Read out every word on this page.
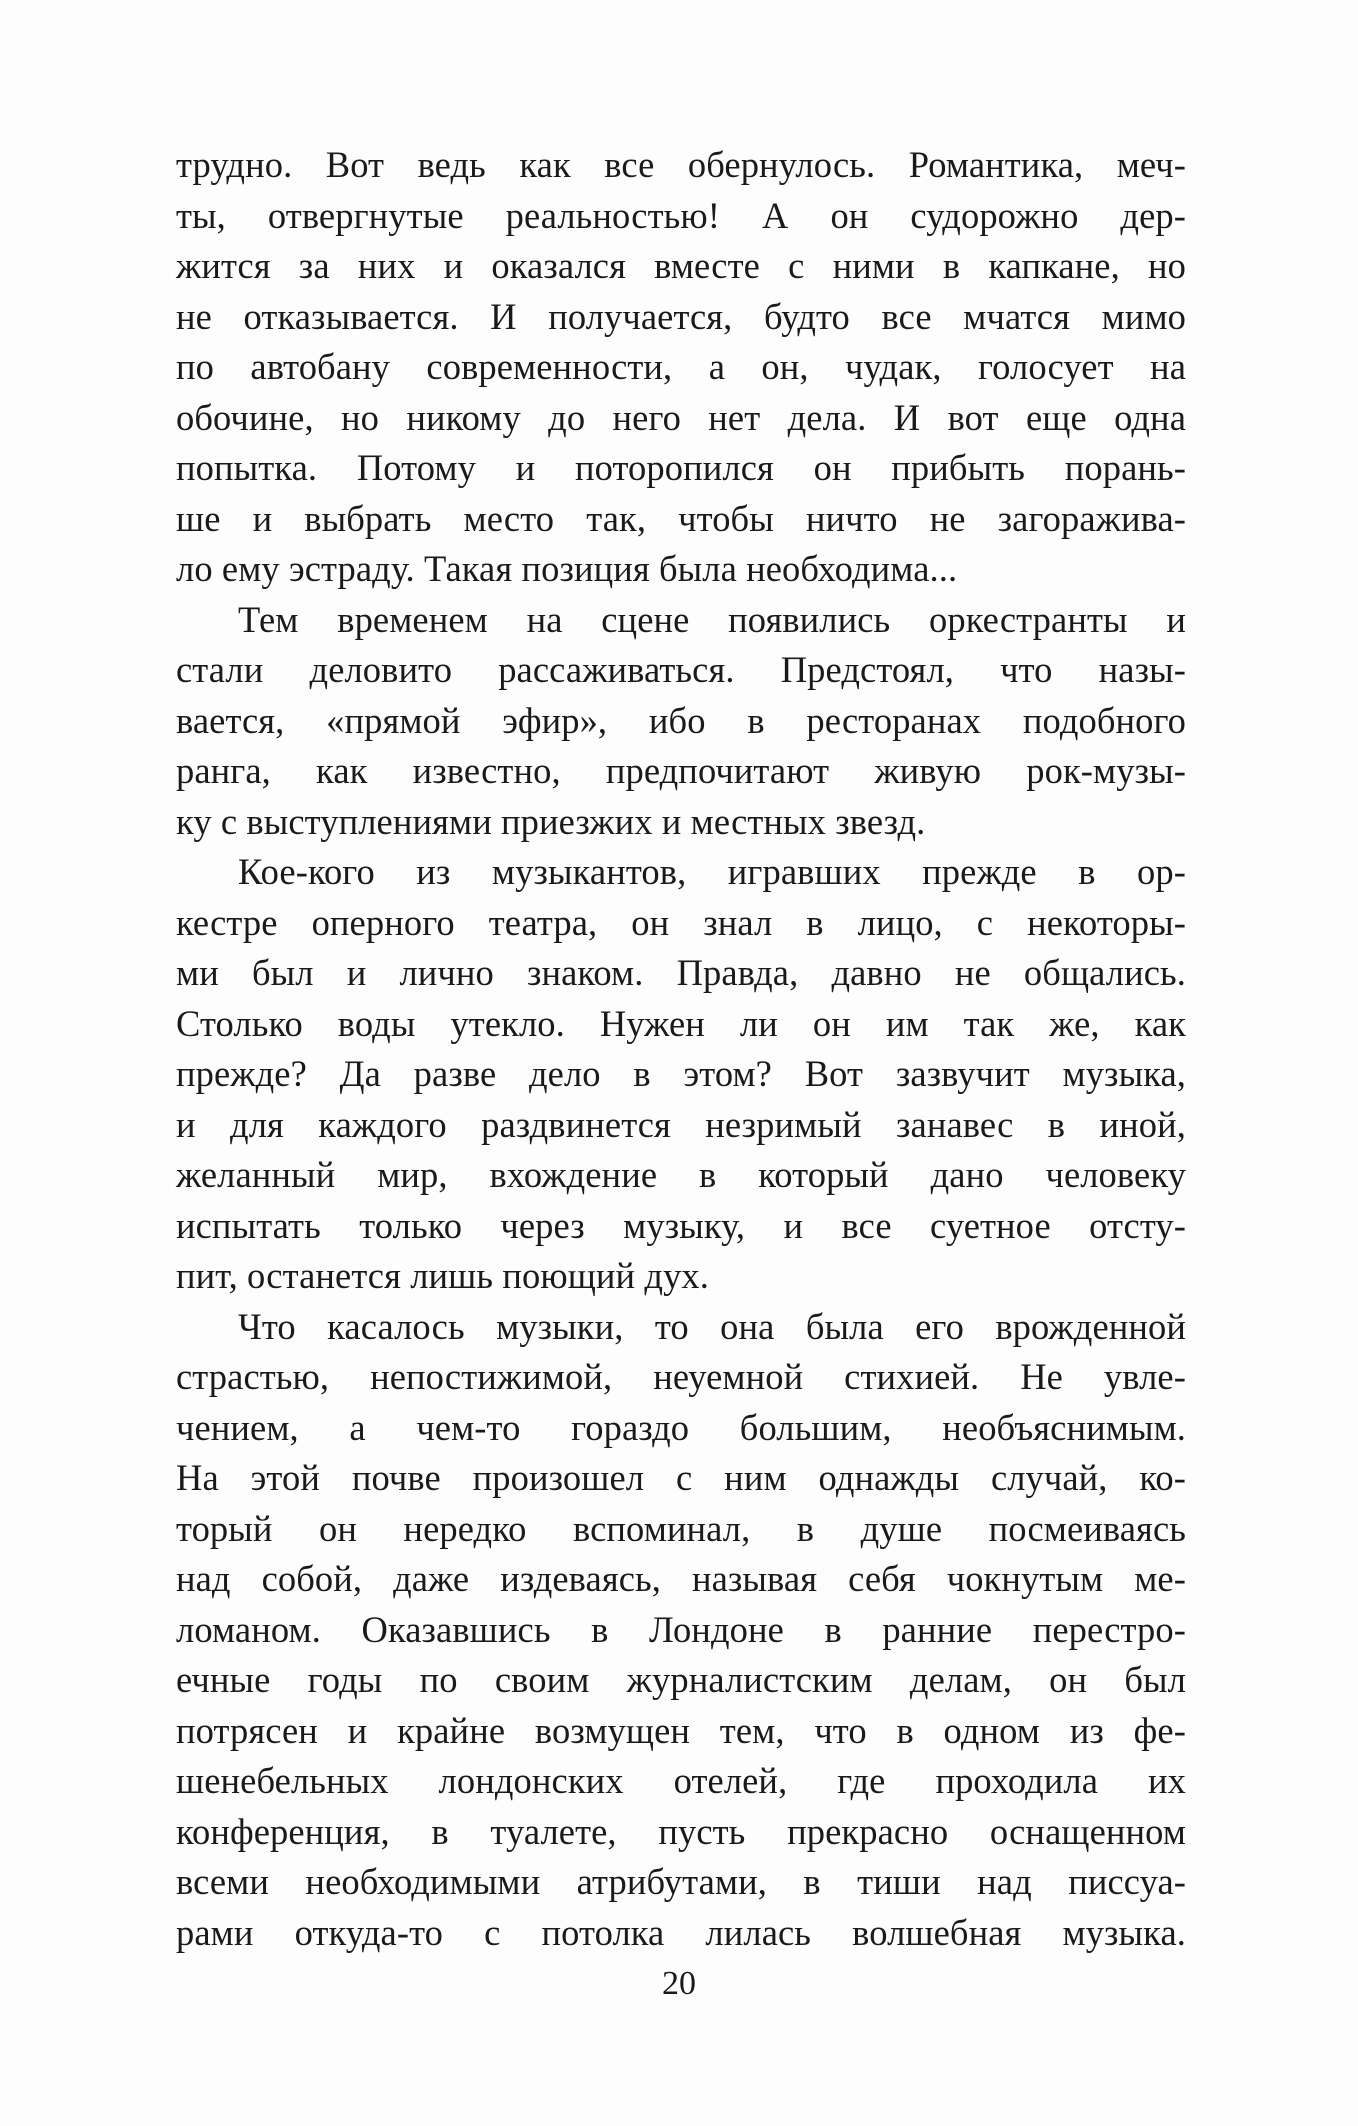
трудно. Вот ведь как все обернулось. Романтика, меч-
ты, отвергнутые реальностью! А он судорожно дер-
жится за них и оказался вместе с ними в капкане, но
не отказывается. И получается, будто все мчатся мимо
по автобану современности, а он, чудак, голосует на
обочине, но никому до него нет дела. И вот еще одна
попытка. Потому и поторопился он прибыть порань-
ше и выбрать место так, чтобы ничто не загоражива-
ло ему эстраду. Такая позиция была необходима...
Тем временем на сцене появились оркестранты и
стали деловито рассаживаться. Предстоял, что назы-
вается, «прямой эфир», ибо в ресторанах подобного
ранга, как известно, предпочитают живую рок-музы-
ку с выступлениями приезжих и местных звезд.
Кое-кого из музыкантов, игравших прежде в ор-
кестре оперного театра, он знал в лицо, с некоторы-
ми был и лично знаком. Правда, давно не общались.
Столько воды утекло. Нужен ли он им так же, как
прежде? Да разве дело в этом? Вот зазвучит музыка,
и для каждого раздвинется незримый занавес в иной,
желанный мир, вхождение в который дано человеку
испытать только через музыку, и все суетное отсту-
пит, останется лишь поющий дух.
Что касалось музыки, то она была его врожденной
страстью, непостижимой, неуемной стихией. Не увле-
чением, а чем-то гораздо большим, необъяснимым.
На этой почве произошел с ним однажды случай, ко-
торый он нередко вспоминал, в душе посмеиваясь
над собой, даже издеваясь, называя себя чокнутым ме-
ломаном. Оказавшись в Лондоне в ранние перестро-
ечные годы по своим журналистским делам, он был
потрясен и крайне возмущен тем, что в одном из фе-
шенебельных лондонских отелей, где проходила их
конференция, в туалете, пусть прекрасно оснащенном
всеми необходимыми атрибутами, в тиши над писсуа-
рами откуда-то с потолка лилась волшебная музыка.
20
